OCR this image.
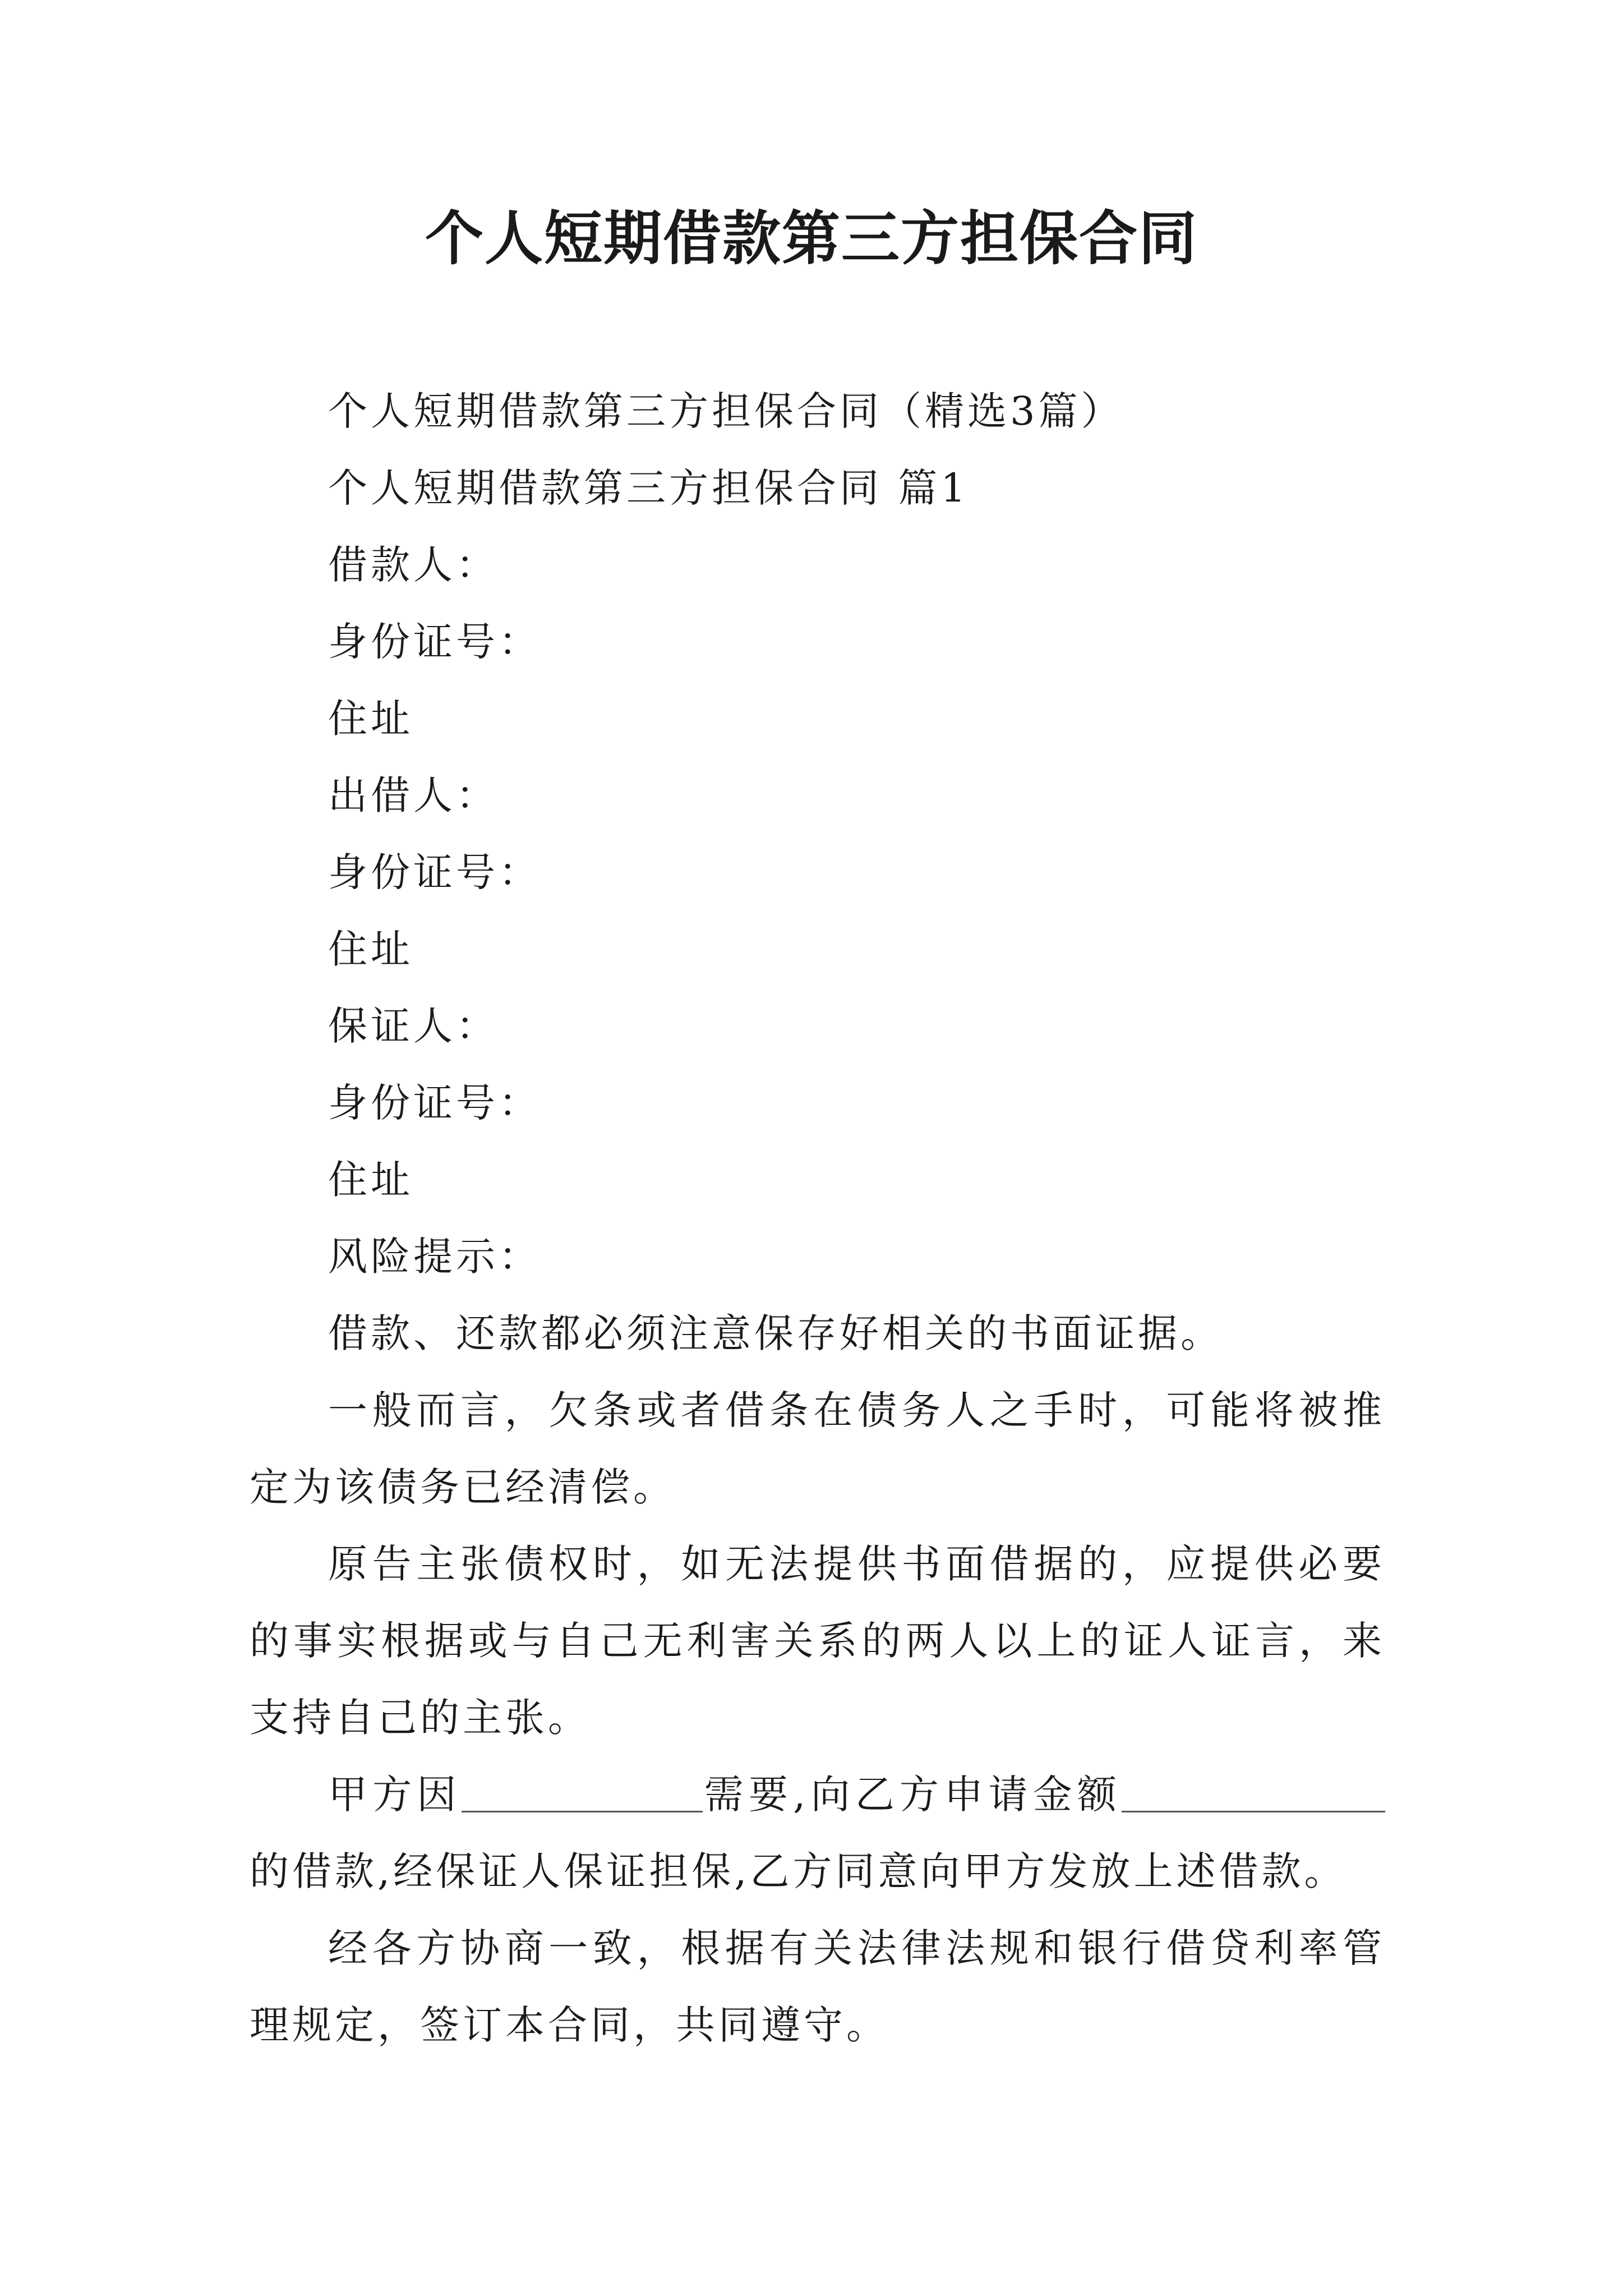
个人短期借款第三方担保合同

个人短期借款第三方担保合同（精选3篇）

个人短期借款第三方担保合同 篇1

借款人：

身份证号：

住址

出借人：

身份证号：

住址

保证人：

身份证号：

住址

风险提示：

借款、还款都必须注意保存好相关的书面证据。

一般而言，欠条或者借条在债务人之手时，可能将被推定为该债务已经清偿。

原告主张债权时，如无法提供书面借据的，应提供必要的事实根据或与自己无利害关系的两人以上的证人证言，来支持自己的主张。

甲方因	需要,向乙方申请金额的借款,经保证人保证担保,乙方同意向甲方发放上述借款。

经各方协商一致，根据有关法律法规和银行借贷利率管理规定，签订本合同，共同遵守。
